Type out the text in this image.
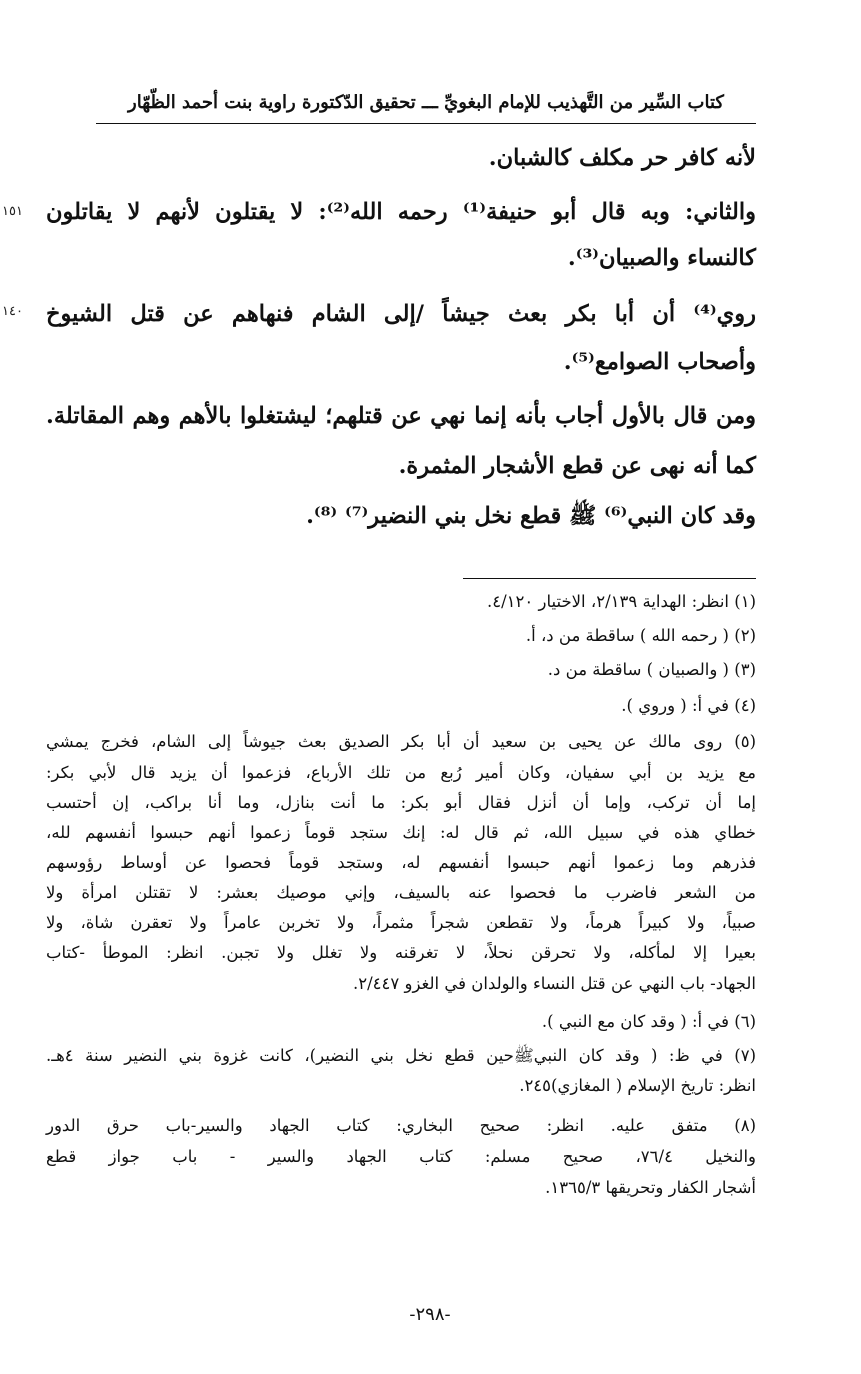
كتاب السِّير من التَّهذيب للإمام البغويِّ ـــ تحقيق الدّكتورة راوية بنت أحمد الظّهّار
لأنه كافر حر مكلف كالشبان.
والثاني: وبه قال أبو حنيفة⁽¹⁾ رحمه الله⁽²⁾: لا يقتلون لأنهم لا يقاتلون
١٥١
كالنساء والصبيان⁽³⁾.
روي⁽⁴⁾ أن أبا بكر بعث جيشاً /إلى الشام فنهاهم عن قتل الشيوخ
١٤٠
وأصحاب الصوامع⁽⁵⁾.
ومن قال بالأول أجاب بأنه إنما نهي عن قتلهم؛ ليشتغلوا بالأهم وهم المقاتلة.
كما أنه نهى عن قطع الأشجار المثمرة.
وقد كان النبي⁽⁶⁾ ﷺ قطع نخل بني النضير⁽⁷⁾ ⁽⁸⁾.
(١) انظر: الهداية ٢/١٣٩، الاختيار ٤/١٢٠.
(٢) ( رحمه الله ) ساقطة من د، أ.
(٣) ( والصبيان ) ساقطة من د.
(٤) في أ: ( وروي ).
(٥) روى مالك عن يحيى بن سعيد أن أبا بكر الصديق بعث جيوشاً إلى الشام، فخرج يمشي
مع يزيد بن أبي سفيان، وكان أمير رُبع من تلك الأرباع، فزعموا أن يزيد قال لأبي بكر:
إما أن تركب، وإما أن أنزل فقال أبو بكر: ما أنت بنازل، وما أنا براكب، إن أحتسب
خطاي هذه في سبيل الله، ثم قال له: إنك ستجد قوماً زعموا أنهم حبسوا أنفسهم لله،
فذرهم وما زعموا أنهم حبسوا أنفسهم له، وستجد قوماً فحصوا عن أوساط رؤوسهم
من الشعر فاضرب ما فحصوا عنه بالسيف، وإني موصيك بعشر: لا تقتلن امرأة ولا
صبياً، ولا كبيراً هرماً، ولا تقطعن شجراً مثمراً، ولا تخربن عامراً ولا تعقرن شاة، ولا
بعيرا إلا لمأكله، ولا تحرقن نحلاً، لا تغرقنه ولا تغلل ولا تجبن. انظر: الموطأ -كتاب
الجهاد- باب النهي عن قتل النساء والولدان في الغزو ٢/٤٤٧.
(٦) في أ: ( وقد كان مع النبي ).
(٧) في ظ: ( وقد كان النبيﷺحين قطع نخل بني النضير)، كانت غزوة بني النضير سنة ٤هـ.
انظر: تاريخ الإسلام ( المغازي)٢٤٥.
(٨) متفق عليه. انظر: صحيح البخاري: كتاب الجهاد والسير-باب حرق الدور
والنخيل ٧٦/٤، صحيح مسلم: كتاب الجهاد والسير - باب جواز قطع
أشجار الكفار وتحريقها ١٣٦٥/٣.
-٢٩٨-
